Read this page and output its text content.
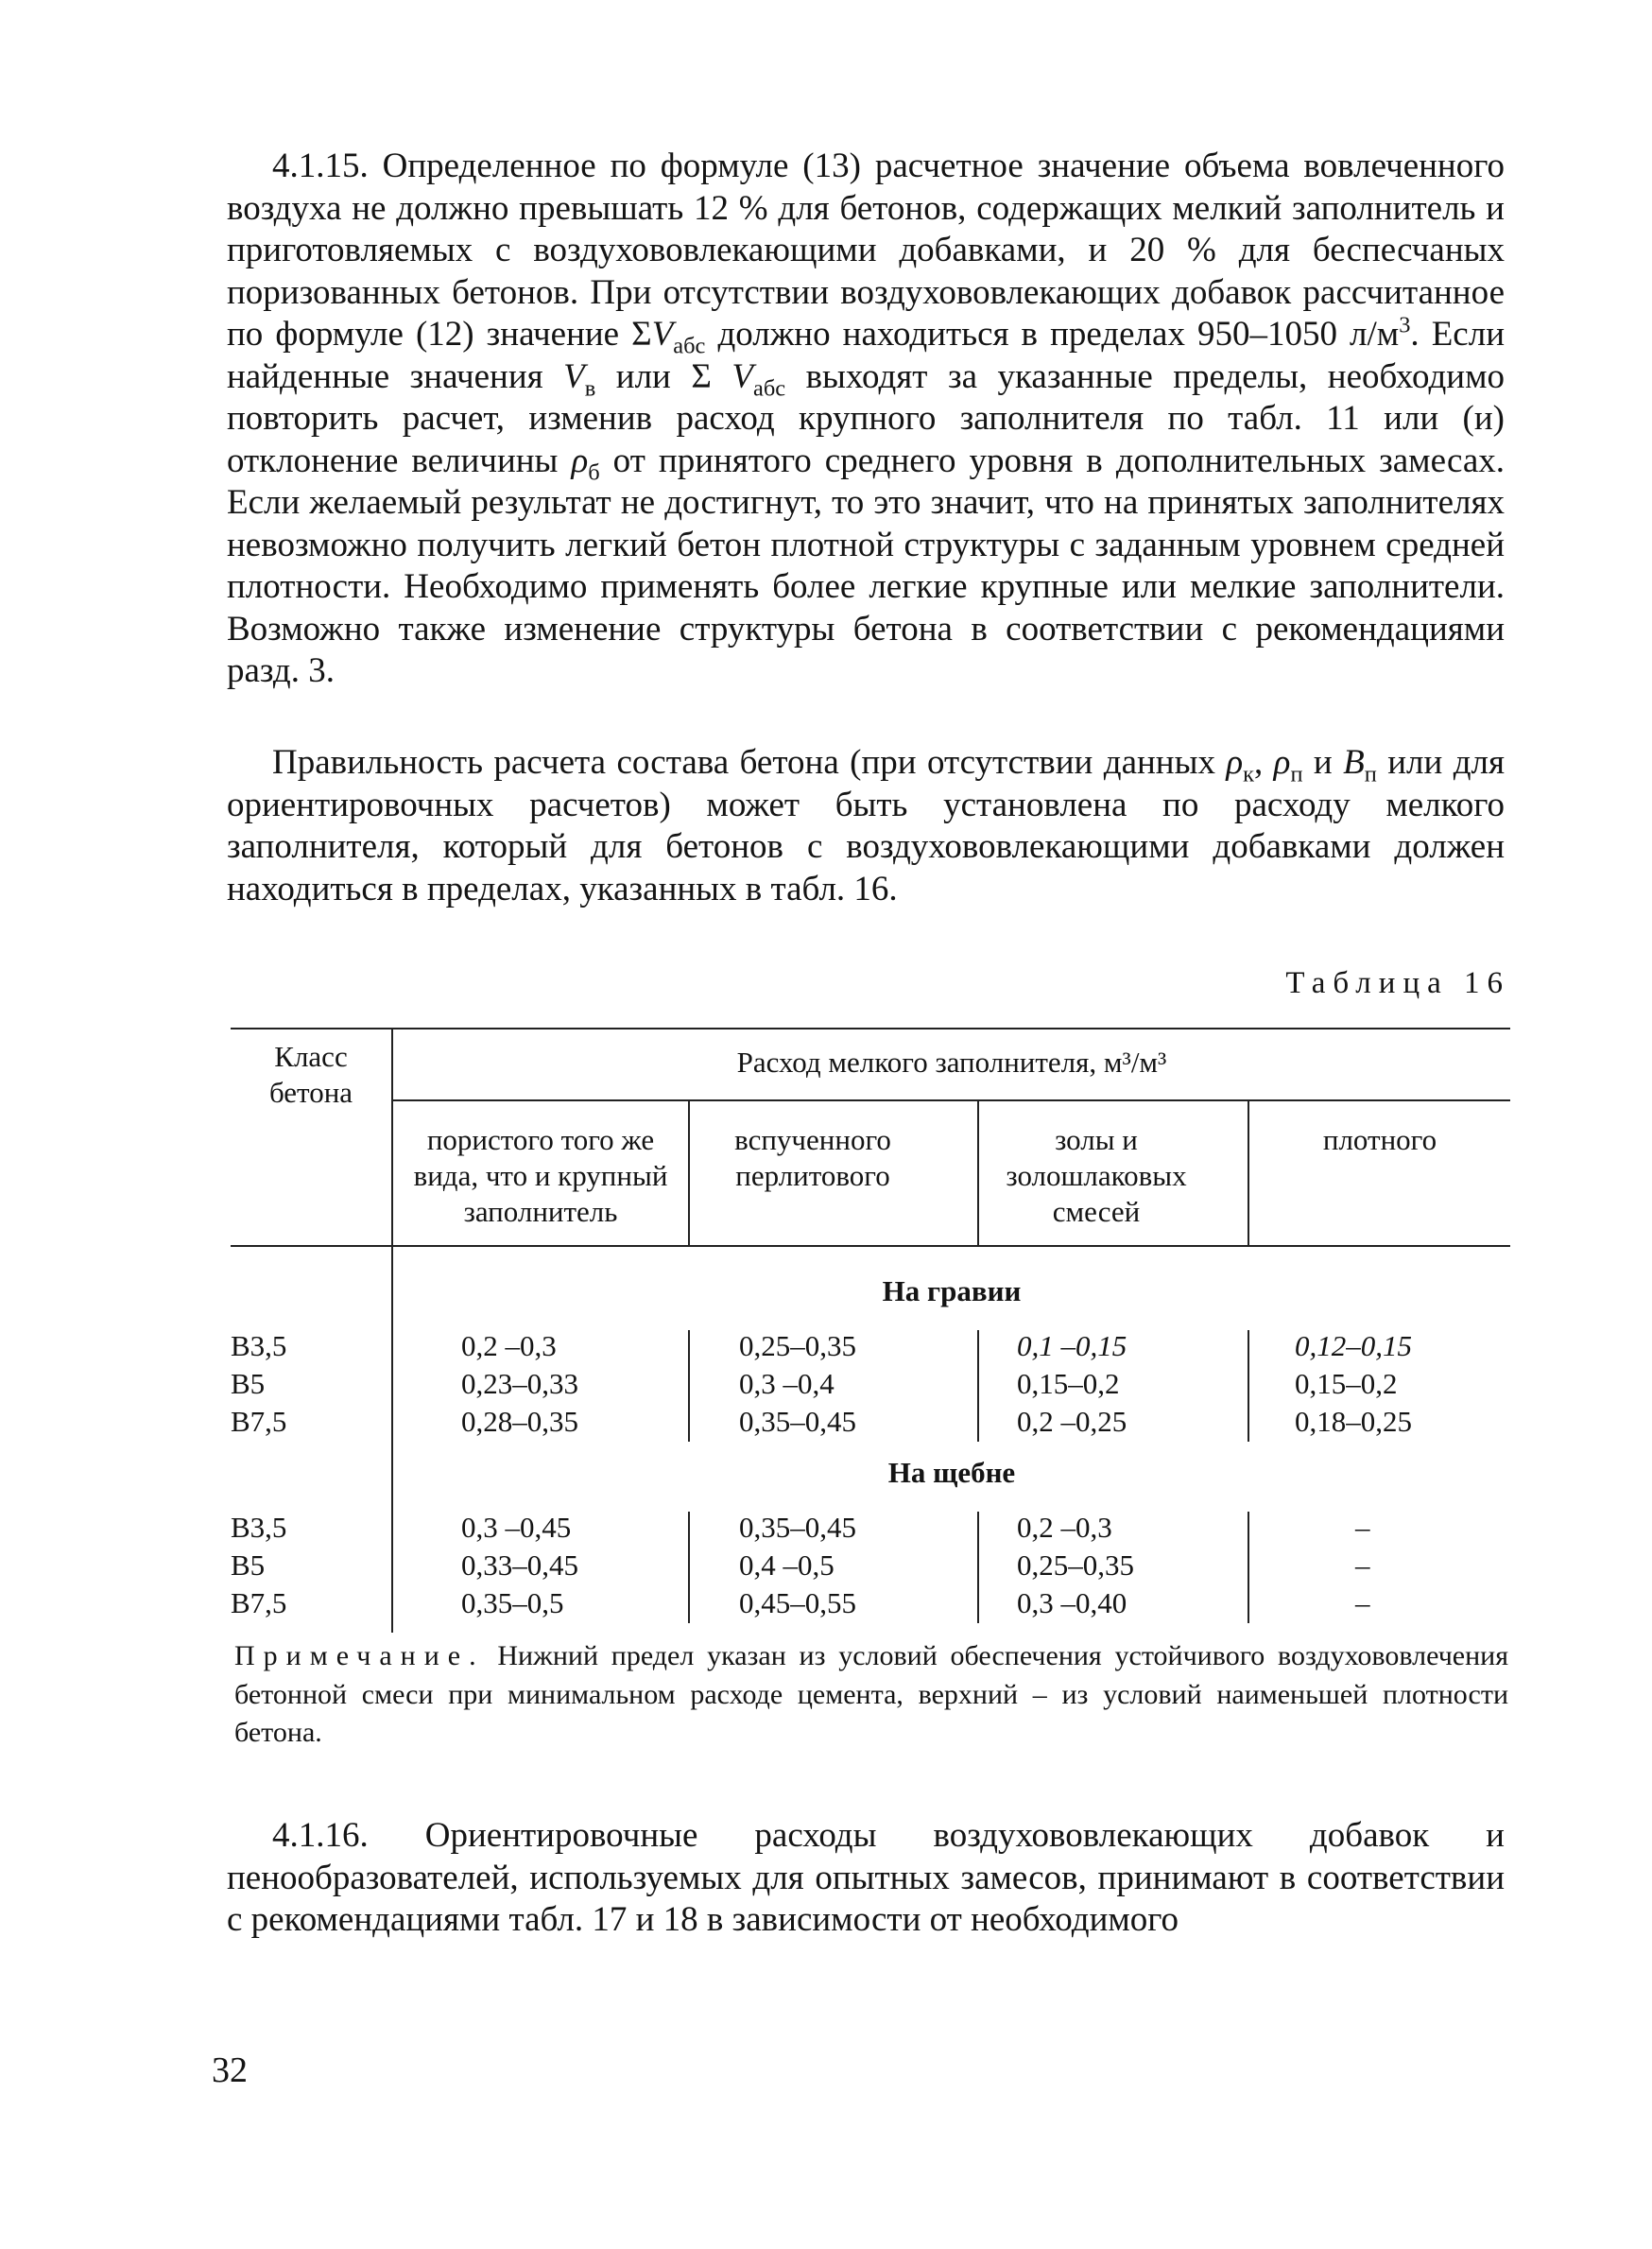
4.1.15. Определенное по формуле (13) расчетное значение объема вовлеченного воздуха не должно превышать 12 % для бетонов, содержащих мелкий заполнитель и приготовляемых с воздухововлекающими добавками, и 20 % для беспесчаных поризованных бетонов. При отсутствии воздухововлекающих добавок рассчитанное по формуле (12) значение $\Sigma V_{абс}$ должно находиться в пределах 950–1050 $л/м^3$. Если найденные значения $V_в$ или Σ $V_{абс}$ выходят за указанные пределы, необходимо повторить расчет, изменив расход крупного заполнителя по табл. 11 или (и) отклонение величины $\rho_б$ от принятого среднего уровня в дополнительных замесах. Если желаемый результат не достигнут, то это значит, что на принятых заполнителях невозможно получить легкий бетон плотной структуры с заданным уровнем средней плотности. Необходимо применять более легкие крупные или мелкие заполнители. Возможно также изменение структуры бетона в соответствии с рекомендациями разд. 3.

Правильность расчета состава бетона (при отсутствии данных $\rho_к$, $\rho_п$ и $B_п$ или для ориентировочных расчетов) может быть установлена по расходу мелкого заполнителя, который для бетонов с воздухововлекающими добавками должен находиться в пределах, указанных в табл. 16.

Таблица 16
Класс бетона
Расход мелкого заполнителя, м³/м³
пористого того же вида, что и крупный заполнитель
вспученного перлитового
золы и золошлаковых смесей
плотного
На гравии
В3,5	0,2 –0,3	0,25–0,35	0,1 –0,15	0,12–0,15
В5	0,23–0,33	0,3 –0,4	0,15–0,2	0,15–0,2
В7,5	0,28–0,35	0,35–0,45	0,2 –0,25	0,18–0,25
На щебне
В3,5	0,3 –0,45	0,35–0,45	0,2 –0,3	–
В5	0,33–0,45	0,4 –0,5	0,25–0,35	–
В7,5	0,35–0,5	0,45–0,55	0,3 –0,40	–
Примечание. Нижний предел указан из условий обеспечения устойчивого воздухововлечения бетонной смеси при минимальном расходе цемента, верхний – из условий наименьшей плотности бетона.

4.1.16. Ориентировочные расходы воздухововлекающих добавок и пенообразователей, используемых для опытных замесов, принимают в соответствии с рекомендациями табл. 17 и 18 в зависимости от необходимого

32
